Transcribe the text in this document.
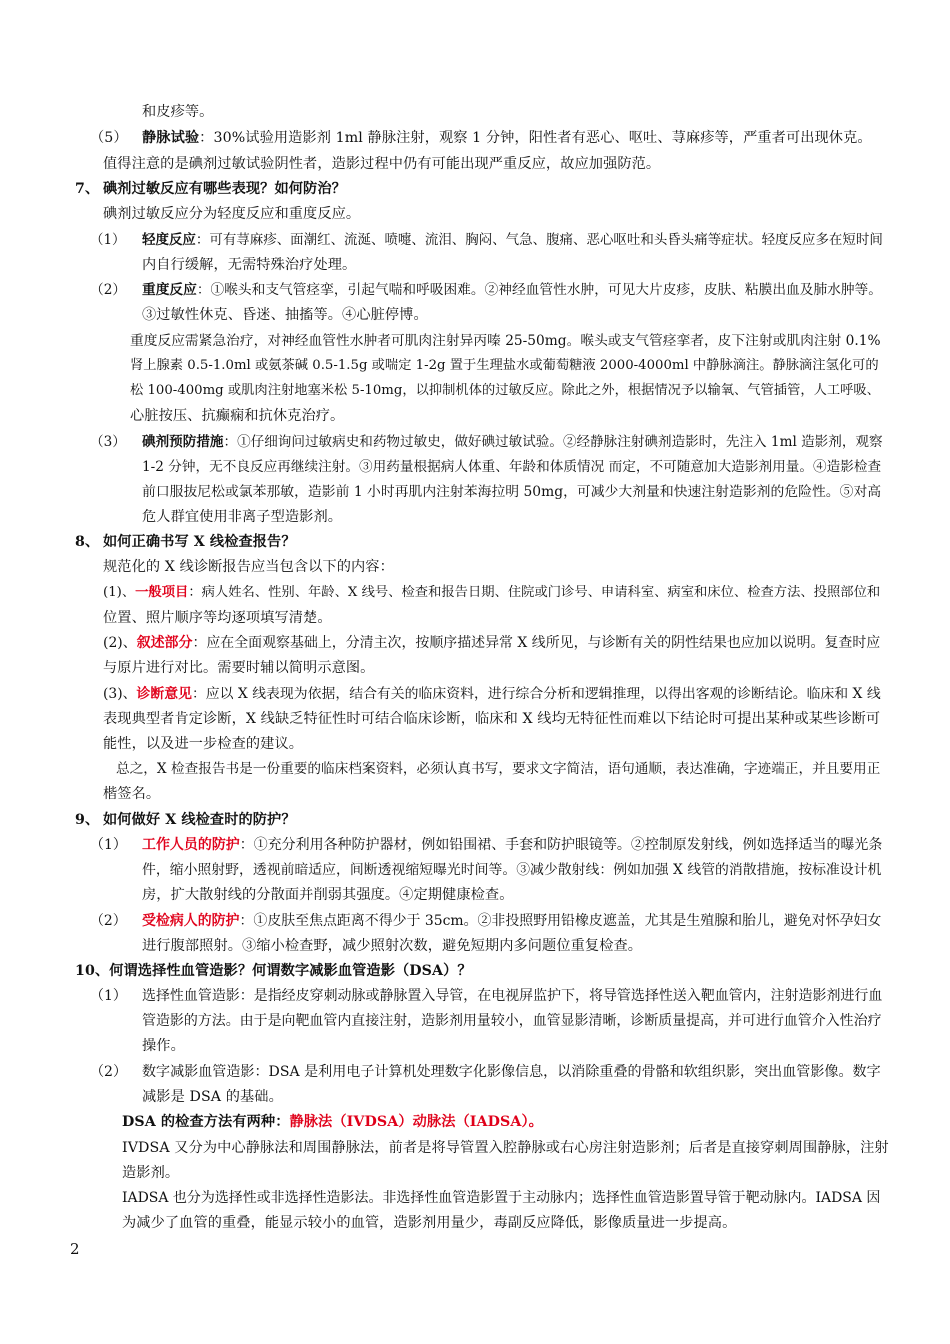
和皮疹等。
（5） 静脉试验：30%试验用造影剂 1ml 静脉注射，观察 1 分钟，阳性者有恶心、呕吐、荨麻疹等，严重者可出现休克。
值得注意的是碘剂过敏试验阴性者，造影过程中仍有可能出现严重反应，故应加强防范。
7、 碘剂过敏反应有哪些表现？如何防治？
碘剂过敏反应分为轻度反应和重度反应。
（1） 轻度反应：可有荨麻疹、面潮红、流涎、喷嚏、流泪、胸闷、气急、腹痛、恶心呕吐和头昏头痛等症状。轻度反应多在短时间
内自行缓解，无需特殊治疗处理。
（2） 重度反应：①喉头和支气管痉挛，引起气喘和呼吸困难。②神经血管性水肿，可见大片皮疹，皮肤、粘膜出血及肺水肿等。
③过敏性休克、昏迷、抽搐等。④心脏停博。
重度反应需紧急治疗，对神经血管性水肿者可肌肉注射异丙嗪 25-50mg。喉头或支气管痉挛者，皮下注射或肌肉注射 0.1%
肾上腺素 0.5-1.0ml 或氨茶碱 0.5-1.5g 或喘定 1-2g 置于生理盐水或葡萄糖液 2000-4000ml 中静脉滴注。静脉滴注氢化可的
松 100-400mg 或肌肉注射地塞米松 5-10mg，以抑制机体的过敏反应。除此之外，根据情况予以输氧、气管插管，人工呼吸、
心脏按压、抗癫痫和抗休克治疗。
（3） 碘剂预防措施：①仔细询问过敏病史和药物过敏史，做好碘过敏试验。②经静脉注射碘剂造影时，先注入 1ml 造影剂，观察
1-2 分钟，无不良反应再继续注射。③用药量根据病人体重、年龄和体质情况 而定，不可随意加大造影剂用量。④造影检查
前口服抜尼松或氯苯那敏，造影前 1 小时再肌内注射苯海拉明 50mg，可减少大剂量和快速注射造影剂的危险性。⑤对高
危人群宜使用非离子型造影剂。
8、 如何正确书写 X 线检查报告？
规范化的 X 线诊断报告应当包含以下的内容：
(1)、一般项目：病人姓名、性别、年龄、X 线号、检查和报告日期、住院或门诊号、申请科室、病室和床位、检查方法、投照部位和
位置、照片顺序等均逐项填写清楚。
(2)、叙述部分：应在全面观察基础上，分清主次，按顺序描述异常 X 线所见，与诊断有关的阴性结果也应加以说明。复查时应
与原片进行对比。需要时辅以简明示意图。
(3)、诊断意见：应以 X 线表现为依据，结合有关的临床资料，进行综合分析和逻辑推理，以得出客观的诊断结论。临床和 X 线
表现典型者肯定诊断，X 线缺乏特征性时可结合临床诊断，临床和 X 线均无特征性而难以下结论时可提出某种或某些诊断可
能性，以及进一步检查的建议。
总之，X 检查报告书是一份重要的临床档案资料，必须认真书写，要求文字简洁，语句通顺，表达准确，字迹端正，并且要用正
楷签名。
9、 如何做好 X 线检查时的防护？
（1） 工作人员的防护：①充分利用各种防护器材，例如铅围裙、手套和防护眼镜等。②控制原发射线，例如选择适当的曝光条
件，缩小照射野，透视前暗适应，间断透视缩短曝光时间等。③减少散射线：例如加强 X 线管的消散措施，按标准设计机
房，扩大散射线的分散面并削弱其强度。④定期健康检查。
（2） 受检病人的防护：①皮肤至焦点距离不得少于 35cm。②非投照野用铅橡皮遮盖，尤其是生殖腺和胎儿，避免对怀孕妇女
进行腹部照射。③缩小检查野，减少照射次数，避免短期内多问题位重复检查。
10、何谓选择性血管造影？何谓数字减影血管造影（DSA）？
（1） 选择性血管造影：是指经皮穿刺动脉或静脉置入导管，在电视屏监护下，将导管选择性送入靶血管内，注射造影剂进行血
管造影的方法。由于是向靶血管内直接注射，造影剂用量较小，血管显影清晰，诊断质量提高，并可进行血管介入性治疗
操作。
（2） 数字减影血管造影：DSA 是利用电子计算机处理数字化影像信息，以消除重叠的骨骼和软组织影，突出血管影像。数字
减影是 DSA 的基础。
DSA 的检查方法有两种：静脉法（IVDSA）动脉法（IADSA）。
IVDSA 又分为中心静脉法和周围静脉法，前者是将导管置入腔静脉或右心房注射造影剂；后者是直接穿刺周围静脉，注射
造影剂。
IADSA 也分为选择性或非选择性造影法。非选择性血管造影置于主动脉内；选择性血管造影置导管于靶动脉内。IADSA 因
为减少了血管的重叠，能显示较小的血管，造影剂用量少，毒副反应降低，影像质量进一步提高。
2
